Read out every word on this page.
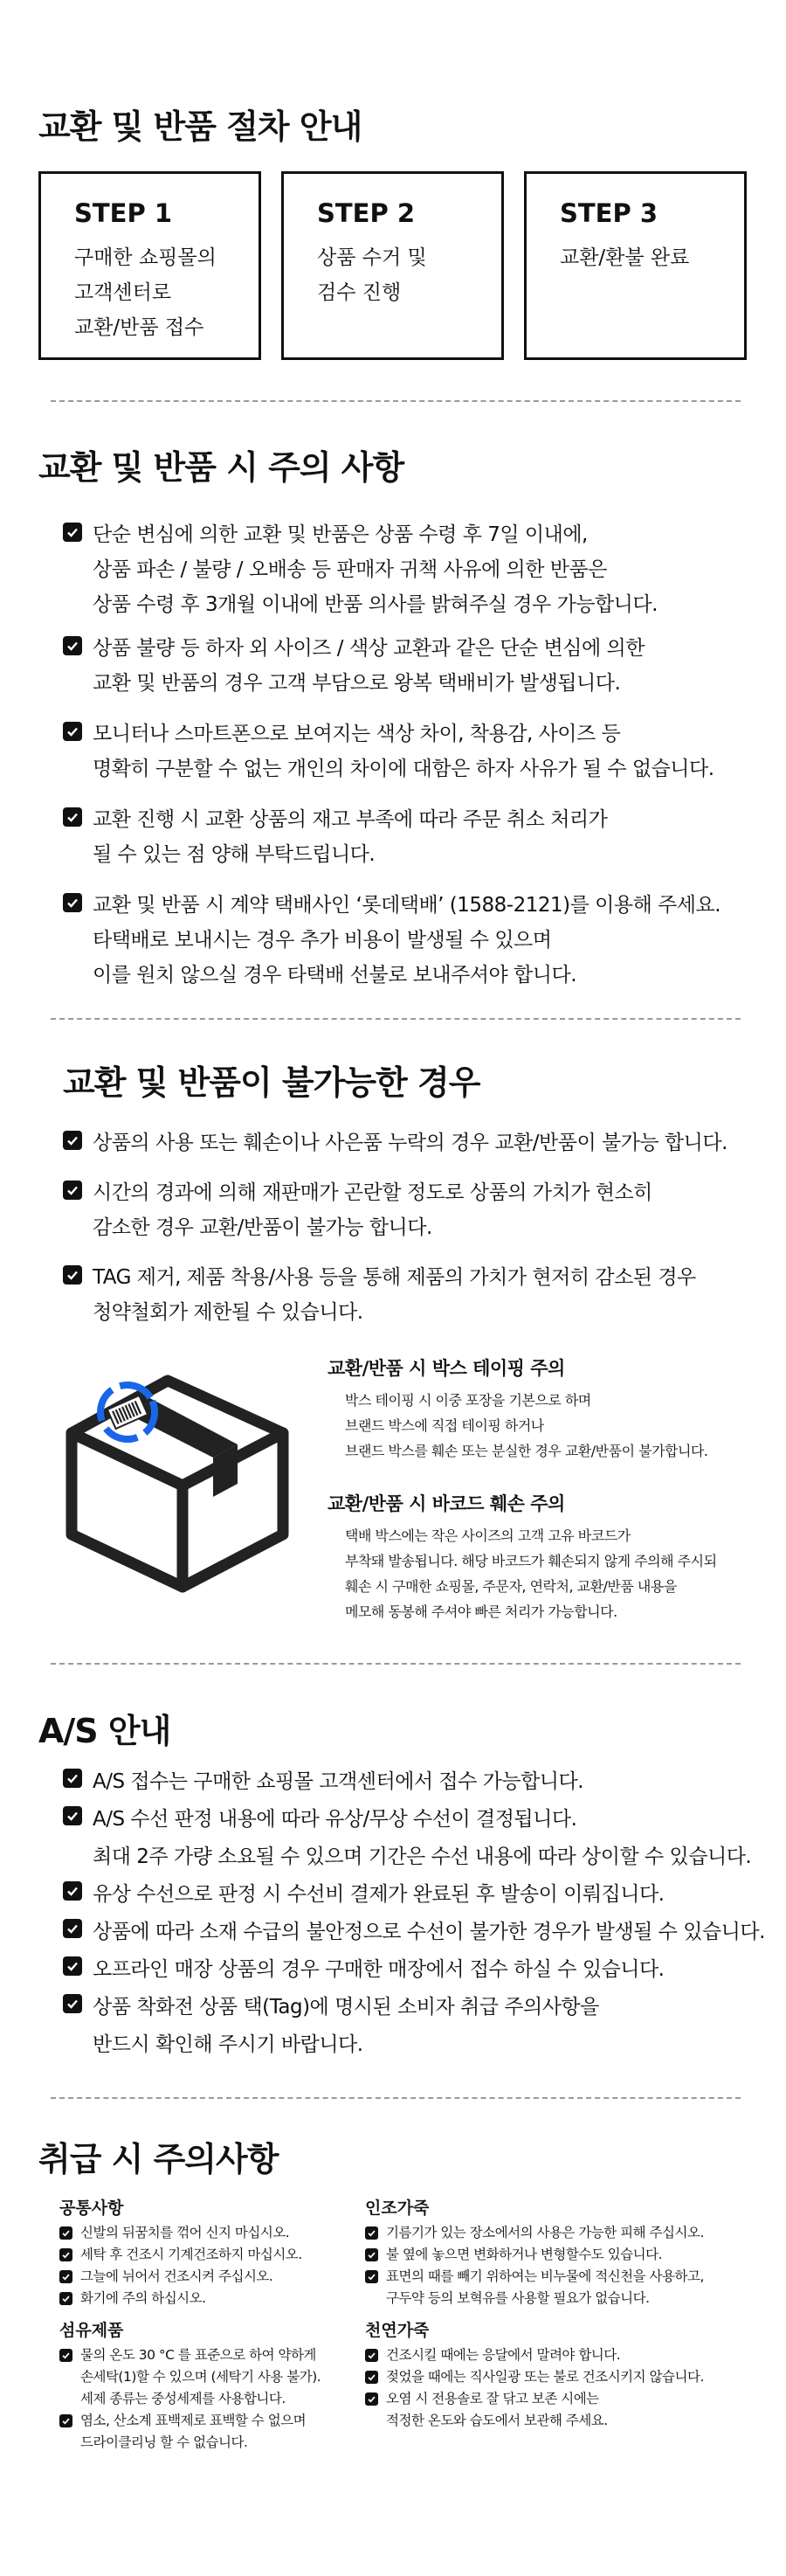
교환 및 반품 절차 안내
STEP 1
구매한 쇼핑몰의
고객센터로
교환/반품 접수
STEP 2
상품 수거 및
검수 진행
STEP 3
교환/환불 완료
교환 및 반품 시 주의 사항
단순 변심에 의한 교환 및 반품은 상품 수령 후 7일 이내에,
상품 파손 / 불량 / 오배송 등 판매자 귀책 사유에 의한 반품은
상품 수령 후 3개월 이내에 반품 의사를 밝혀주실 경우 가능합니다.
상품 불량 등 하자 외 사이즈 / 색상 교환과 같은 단순 변심에 의한
교환 및 반품의 경우 고객 부담으로 왕복 택배비가 발생됩니다.
모니터나 스마트폰으로 보여지는 색상 차이, 착용감, 사이즈 등
명확히 구분할 수 없는 개인의 차이에 대함은 하자 사유가 될 수 없습니다.
교환 진행 시 교환 상품의 재고 부족에 따라 주문 취소 처리가
될 수 있는 점 양해 부탁드립니다.
교환 및 반품 시 계약 택배사인 ‘롯데택배’ (1588-2121)를 이용해 주세요.
타택배로 보내시는 경우 추가 비용이 발생될 수 있으며
이를 원치 않으실 경우 타택배 선불로 보내주셔야 합니다.
교환 및 반품이 불가능한 경우
상품의 사용 또는 훼손이나 사은품 누락의 경우 교환/반품이 불가능 합니다.
시간의 경과에 의해 재판매가 곤란할 정도로 상품의 가치가 현소히
감소한 경우 교환/반품이 불가능 합니다.
TAG 제거, 제품 착용/사용 등을 통해 제품의 가치가 현저히 감소된 경우
청약철회가 제한될 수 있습니다.
교환/반품 시 박스 테이핑 주의
박스 테이핑 시 이중 포장을 기본으로 하며
브랜드 박스에 직접 테이핑 하거나
브랜드 박스를 훼손 또는 분실한 경우 교환/반품이 불가합니다.
교환/반품 시 바코드 훼손 주의
택배 박스에는 작은 사이즈의 고객 고유 바코드가
부착돼 발송됩니다. 해당 바코드가 훼손되지 않게 주의해 주시되
훼손 시 구매한 쇼핑몰, 주문자, 연락처, 교환/반품 내용을
메모해 동봉해 주셔야 빠른 처리가 가능합니다.
A/S 안내
A/S 접수는 구매한 쇼핑몰 고객센터에서 접수 가능합니다.
A/S 수선 판정 내용에 따라 유상/무상 수선이 결정됩니다.
최대 2주 가량 소요될 수 있으며 기간은 수선 내용에 따라 상이할 수 있습니다.
유상 수선으로 판정 시 수선비 결제가 완료된 후 발송이 이뤄집니다.
상품에 따라 소재 수급의 불안정으로 수선이 불가한 경우가 발생될 수 있습니다.
오프라인 매장 상품의 경우 구매한 매장에서 접수 하실 수 있습니다.
상품 착화전 상품 택(Tag)에 명시된 소비자 취급 주의사항을
반드시 확인해 주시기 바랍니다.
취급 시 주의사항
공통사항
신발의 뒤꿈치를 꺾어 신지 마십시오.
세탁 후 건조시 기계건조하지 마십시오.
그늘에 뉘어서 건조시켜 주십시오.
화기에 주의 하십시오.
섬유제품
물의 온도 30 °C 를 표준으로 하여 약하게
손세탁(1)할 수 있으며 (세탁기 사용 불가).
세제 종류는 중성세제를 사용합니다.
염소, 산소계 표백제로 표백할 수 없으며
드라이클리닝 할 수 없습니다.
인조가죽
기름기가 있는 장소에서의 사용은 가능한 피해 주십시오.
불 옆에 놓으면 변화하거나 변형할수도 있습니다.
표면의 때를 빼기 위하여는 비누물에 적신천을 사용하고,
구두약 등의 보혁유를 사용할 필요가 없습니다.
천연가죽
건조시킬 때에는 응달에서 말려야 합니다.
젖었을 때에는 직사일광 또는 불로 건조시키지 않습니다.
오염 시 전용솔로 잘 닦고 보존 시에는
적정한 온도와 습도에서 보관해 주세요.
